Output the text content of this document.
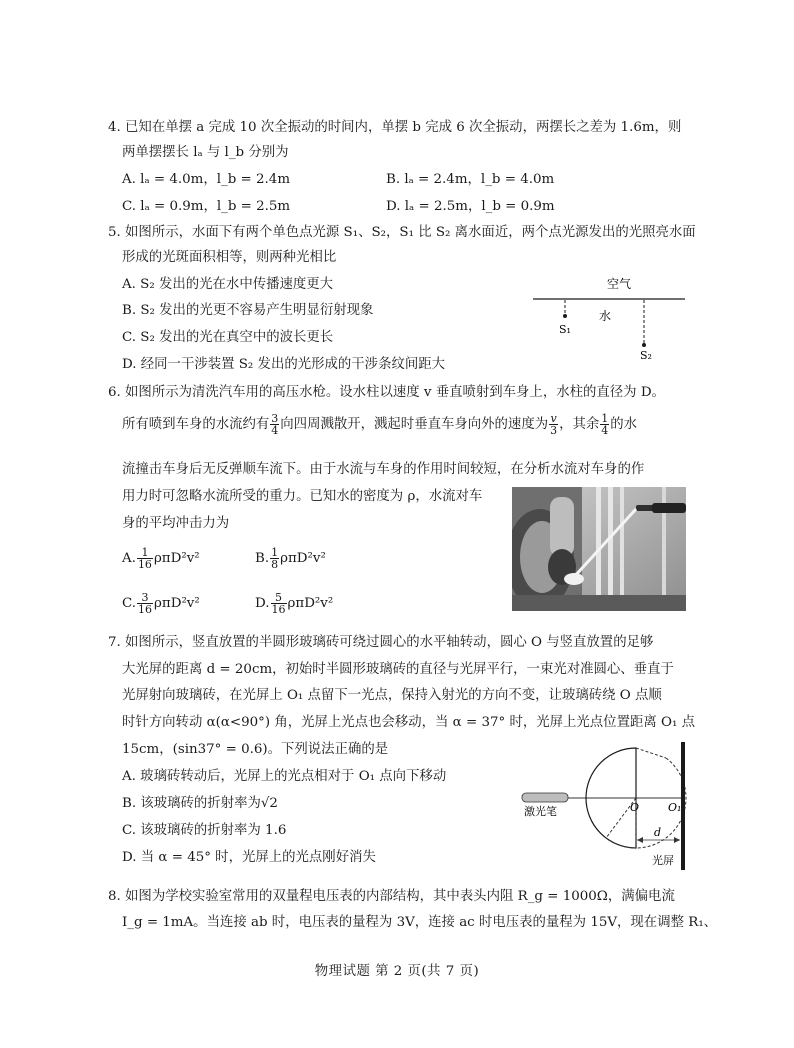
4. 已知在单摆 a 完成 10 次全振动的时间内，单摆 b 完成 6 次全振动，两摆长之差为 1.6m，则
两单摆摆长 lₐ 与 l_b 分别为
A. lₐ = 4.0m，l_b = 2.4m	B. lₐ = 2.4m，l_b = 4.0m
C. lₐ = 0.9m，l_b = 2.5m	D. lₐ = 2.5m，l_b = 0.9m
5. 如图所示，水面下有两个单色点光源 S₁、S₂，S₁ 比 S₂ 离水面近，两个点光源发出的光照亮水面
形成的光斑面积相等，则两种光相比
A. S₂ 发出的光在水中传播速度更大
B. S₂ 发出的光更不容易产生明显衍射现象
C. S₂ 发出的光在真空中的波长更长
D. 经同一干涉装置 S₂ 发出的光形成的干涉条纹间距大
空气
水
S₁
S₂
6. 如图所示为清洗汽车用的高压水枪。设水柱以速度 v 垂直喷射到车身上，水柱的直径为 D。
所有喷到车身的水流约有 $\frac{3}{4}$ 向四周溅散开，溅起时垂直车身向外的速度为 $\frac{v}{3}$ ，其余 $\frac{1}{4}$ 的水
流撞击车身后无反弹顺车流下。由于水流与车身的作用时间较短，在分析水流对车身的作
用力时可忽略水流所受的重力。已知水的密度为 ρ，水流对车
身的平均冲击力为
A. $\frac{1}{16} \rho\pi D^2v^2$	B. $\frac{1}{8} \rho\pi D^2v^2$
C. $\frac{3}{16} \rho\pi D^2v^2$	D. $\frac{5}{16} \rho\pi D^2v^2$
7. 如图所示，竖直放置的半圆形玻璃砖可绕过圆心的水平轴转动，圆心 O 与竖直放置的足够
大光屏的距离 d = 20cm，初始时半圆形玻璃砖的直径与光屏平行，一束光对准圆心、垂直于
光屏射向玻璃砖，在光屏上 O₁ 点留下一光点，保持入射光的方向不变，让玻璃砖绕 O 点顺
时针方向转动 α(α<90°) 角，光屏上光点也会移动，当 α = 37° 时，光屏上光点位置距离 O₁ 点
15cm，(sin37° = 0.6)。下列说法正确的是
A. 玻璃砖转动后，光屏上的光点相对于 O₁ 点向下移动
B. 该玻璃砖的折射率为√2
C. 该玻璃砖的折射率为 1.6
D. 当 α = 45° 时，光屏上的光点刚好消失
激光笔	O	O₁
d
光屏
8. 如图为学校实验室常用的双量程电压表的内部结构，其中表头内阻 R_g = 1000Ω，满偏电流
I_g = 1mA。当连接 ab 时，电压表的量程为 3V，连接 ac 时电压表的量程为 15V，现在调整 R₁、
物理试题 第 2 页(共 7 页)
